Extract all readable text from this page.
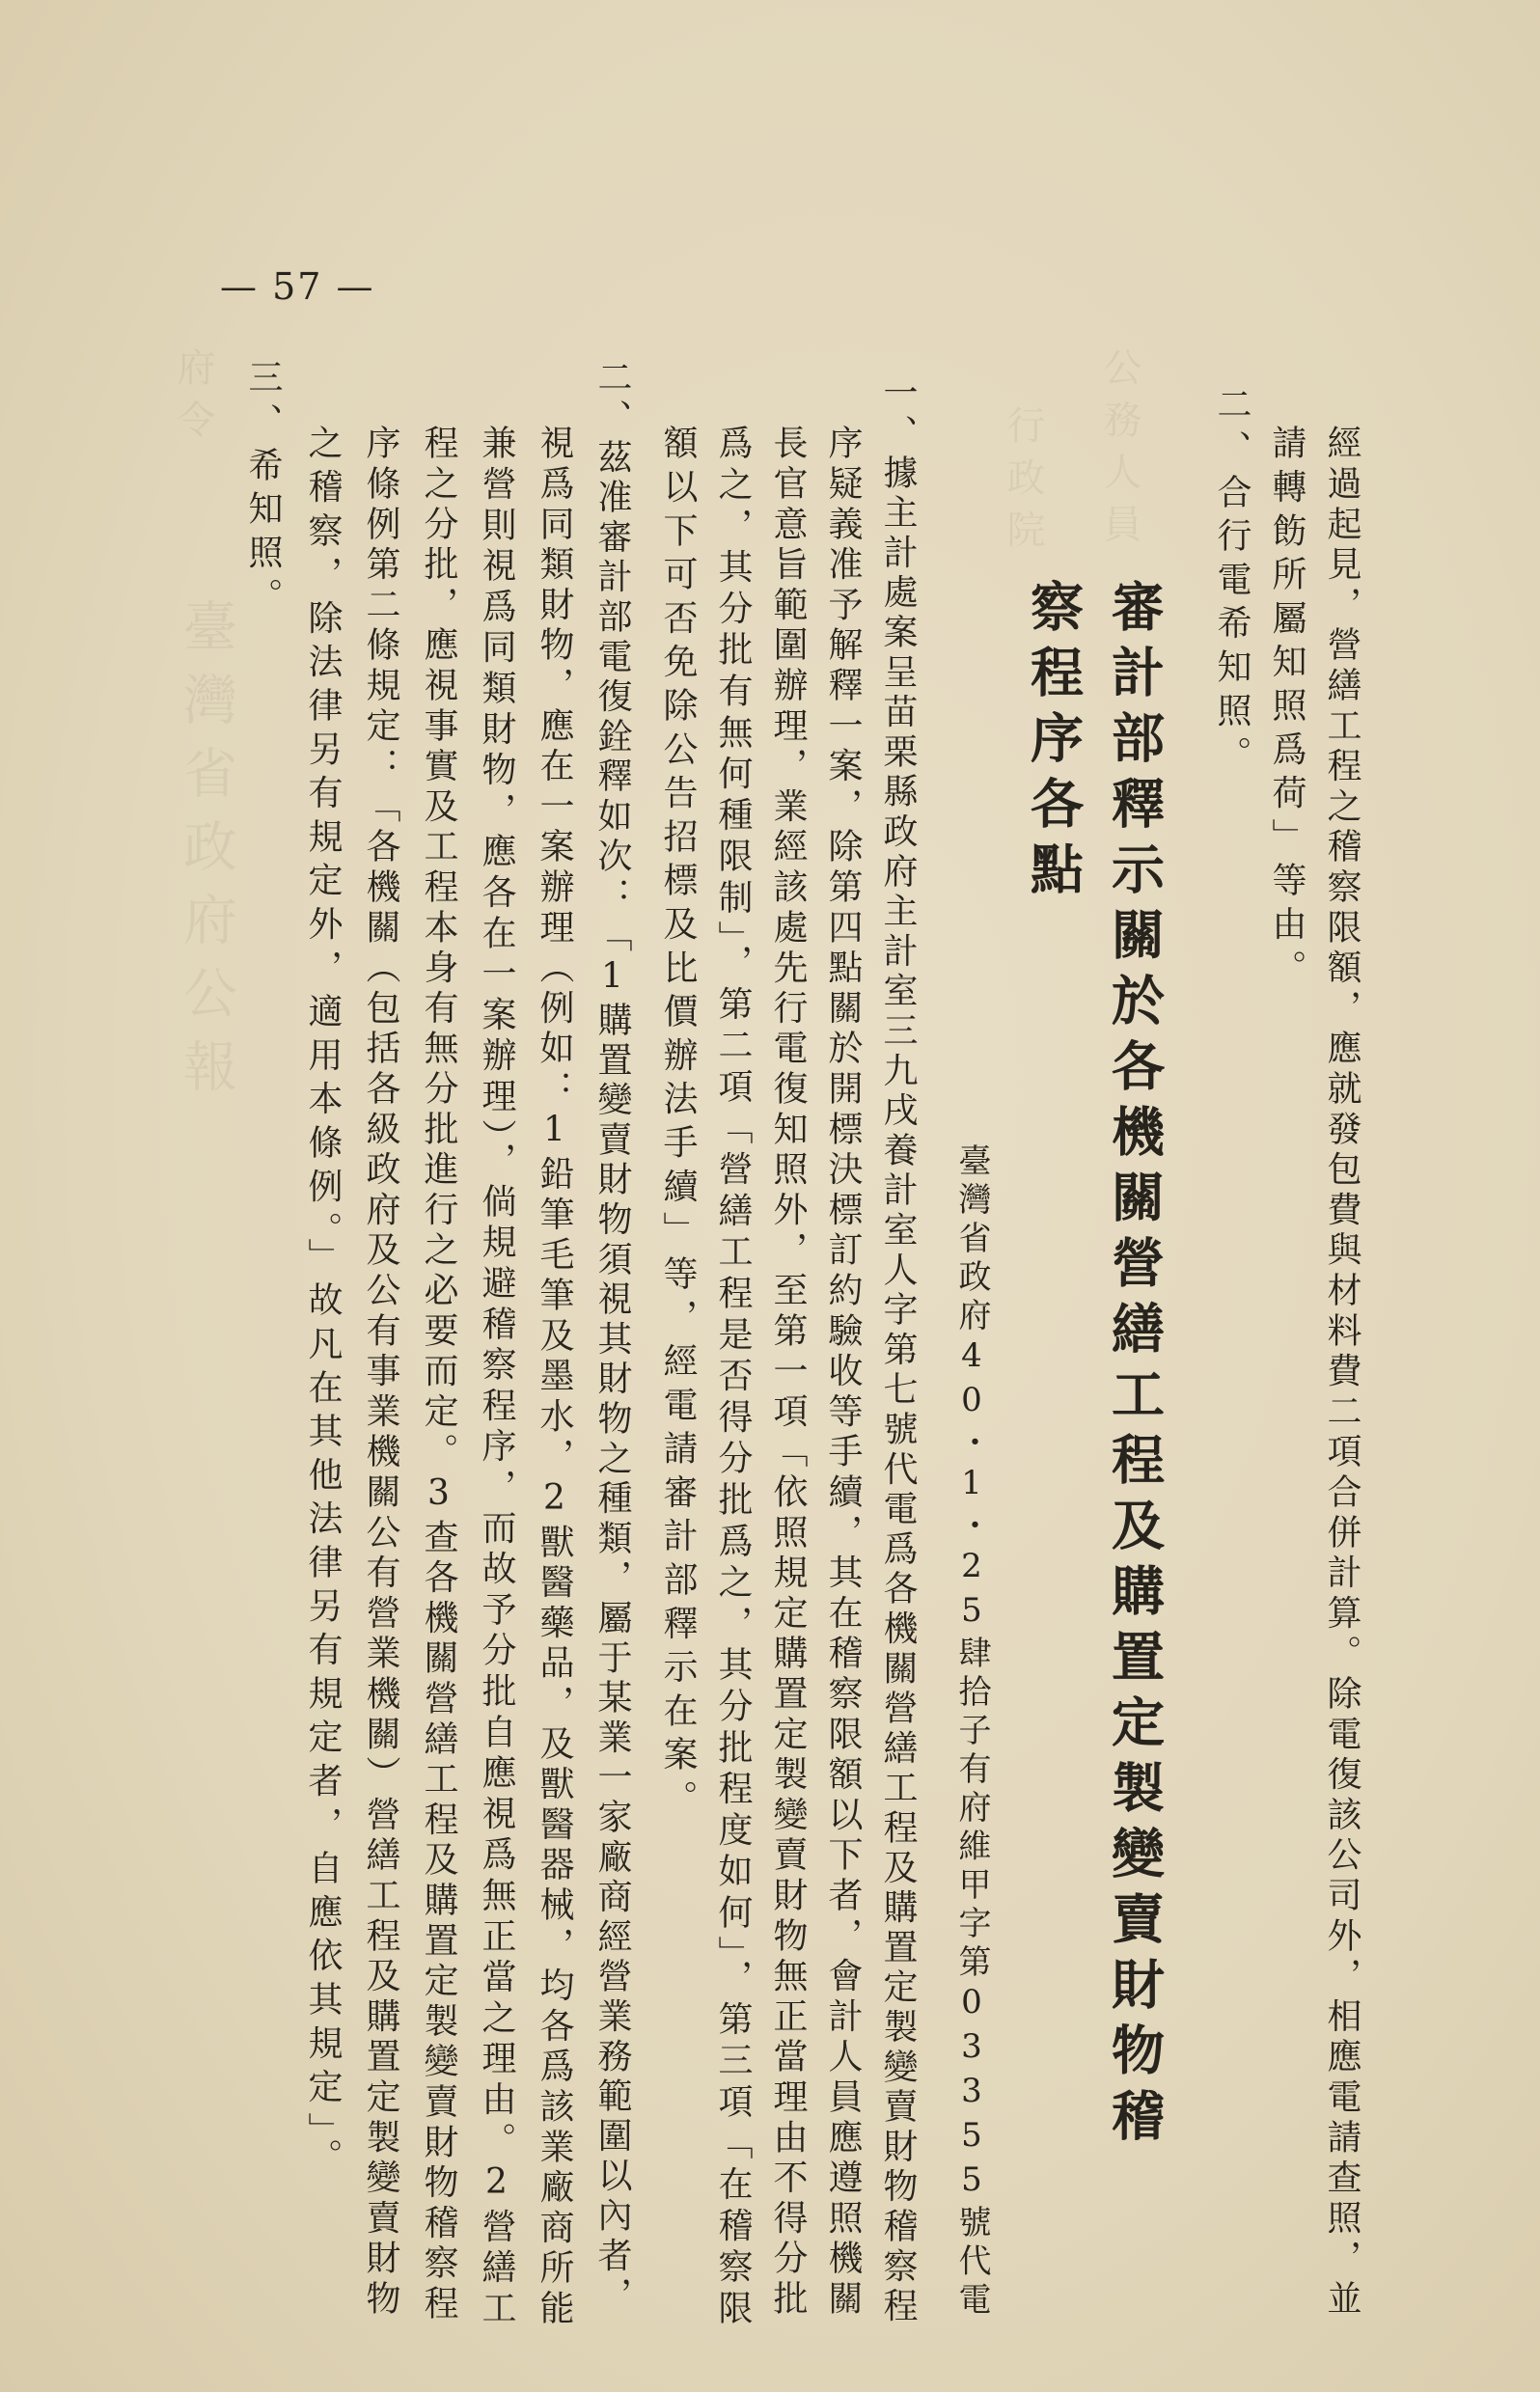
公務人員
行政院
府令
臺灣省政府公報	經過起見，營繕工程之稽察限額，應就發包費與材料費二項合併計算。除電復該公司外，相應電請查照，並
請轉飭所屬知照爲荷」等由。
二、合行電希知照。
審計部釋示關於各機關營繕工程及購置定製變賣財物稽
察程序各點
臺灣省政府40・1・25肆拾子有府維甲字第03355號代電
一、據主計處案呈苗栗縣政府主計室三九戌養計室人字第七號代電爲各機關營繕工程及購置定製變賣財物稽察程
序疑義准予解釋一案，除第四點關於開標決標訂約驗收等手續，其在稽察限額以下者，會計人員應遵照機關
長官意旨範圍辦理，業經該處先行電復知照外，至第一項「依照規定購置定製變賣財物無正當理由不得分批
爲之，其分批有無何種限制」，第二項「營繕工程是否得分批爲之，其分批程度如何」，第三項「在稽察限
額以下可否免除公告招標及比價辦法手續」等，經電請審計部釋示在案。
二、茲准審計部電復銓釋如次：「1購置變賣財物須視其財物之種類，屬于某業一家廠商經營業務範圍以內者，
視爲同類財物，應在一案辦理（例如：1鉛筆毛筆及墨水，2獸醫藥品，及獸醫器械，均各爲該業廠商所能
兼營則視爲同類財物，應各在一案辦理），倘規避稽察程序，而故予分批自應視爲無正當之理由。2營繕工
程之分批，應視事實及工程本身有無分批進行之必要而定。3查各機關營繕工程及購置定製變賣財物稽察程
序條例第二條規定：「各機關（包括各級政府及公有事業機關公有營業機關）營繕工程及購置定製變賣財物
之稽察，除法律另有規定外，適用本條例。」故凡在其他法律另有規定者，自應依其規定」。
三、希知照。
— 57 —
